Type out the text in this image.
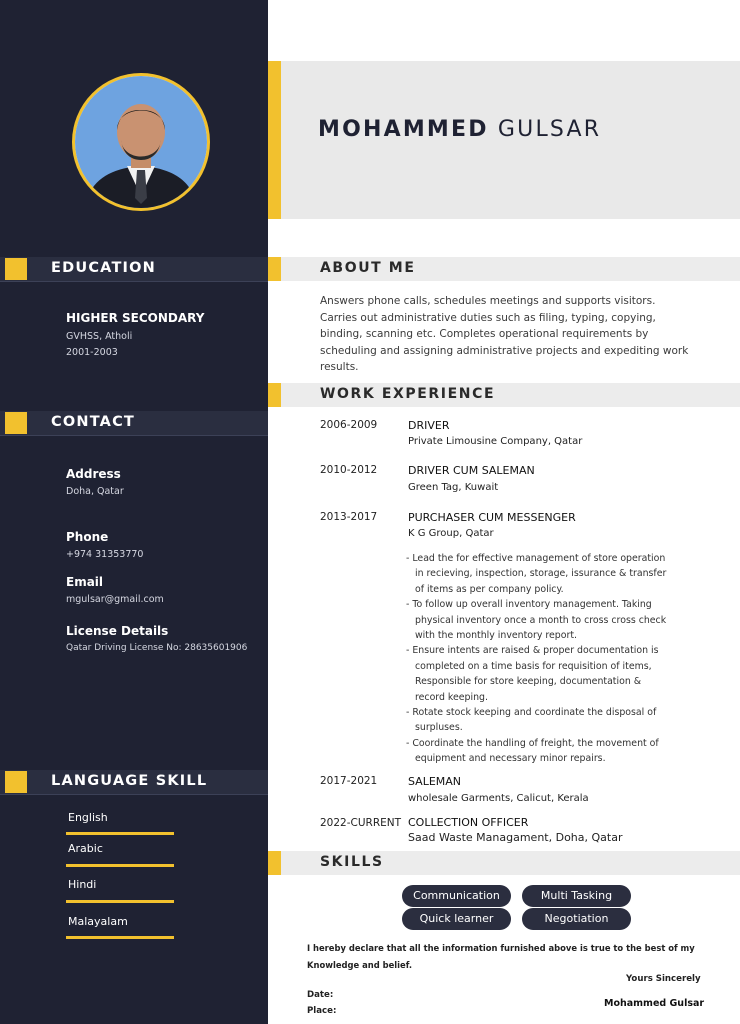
EDUCATION
HIGHER SECONDARY
GVHSS, Atholi
2001-2003
CONTACT
Address
Doha, Qatar
Phone
+974 31353770
Email
mgulsar@gmail.com
License Details
Qatar Driving License No: 28635601906
LANGUAGE SKILL
English
Arabic
Hindi
Malayalam
MOHAMMED GULSAR
ABOUT ME
Answers phone calls, schedules meetings and supports visitors. Carries out administrative duties such as filing, typing, copying, binding, scanning etc. Completes operational requirements by scheduling and assigning administrative projects and expediting work results.
WORK EXPERIENCE
2006-2009	DRIVER
Private Limousine Company, Qatar
2010-2012	DRIVER CUM SALEMAN
Green Tag, Kuwait
2013-2017	PURCHASER CUM MESSENGER
K G Group, Qatar
- Lead the for effective management of store operation in recieving, inspection, storage, issurance & transfer of items as per company policy.
- To follow up overall inventory management. Taking physical inventory once a month to cross cross check with the monthly inventory report.
- Ensure intents are raised & proper documentation is completed on a time basis for requisition of items, Responsible for store keeping, documentation & record keeping.
- Rotate stock keeping and coordinate the disposal of surpluses.
- Coordinate the handling of freight, the movement of equipment and necessary minor repairs.
2017-2021	SALEMAN
wholesale Garments, Calicut, Kerala
2022-CURRENT COLLECTION OFFICER
Saad Waste Managament, Doha, Qatar
SKILLS
Communication	Multi Tasking
Quick learner	Negotiation
I hereby declare that all the information furnished above is true to the best of my Knowledge and belief.
Yours Sincerely
Date:
Place:
Mohammed Gulsar
